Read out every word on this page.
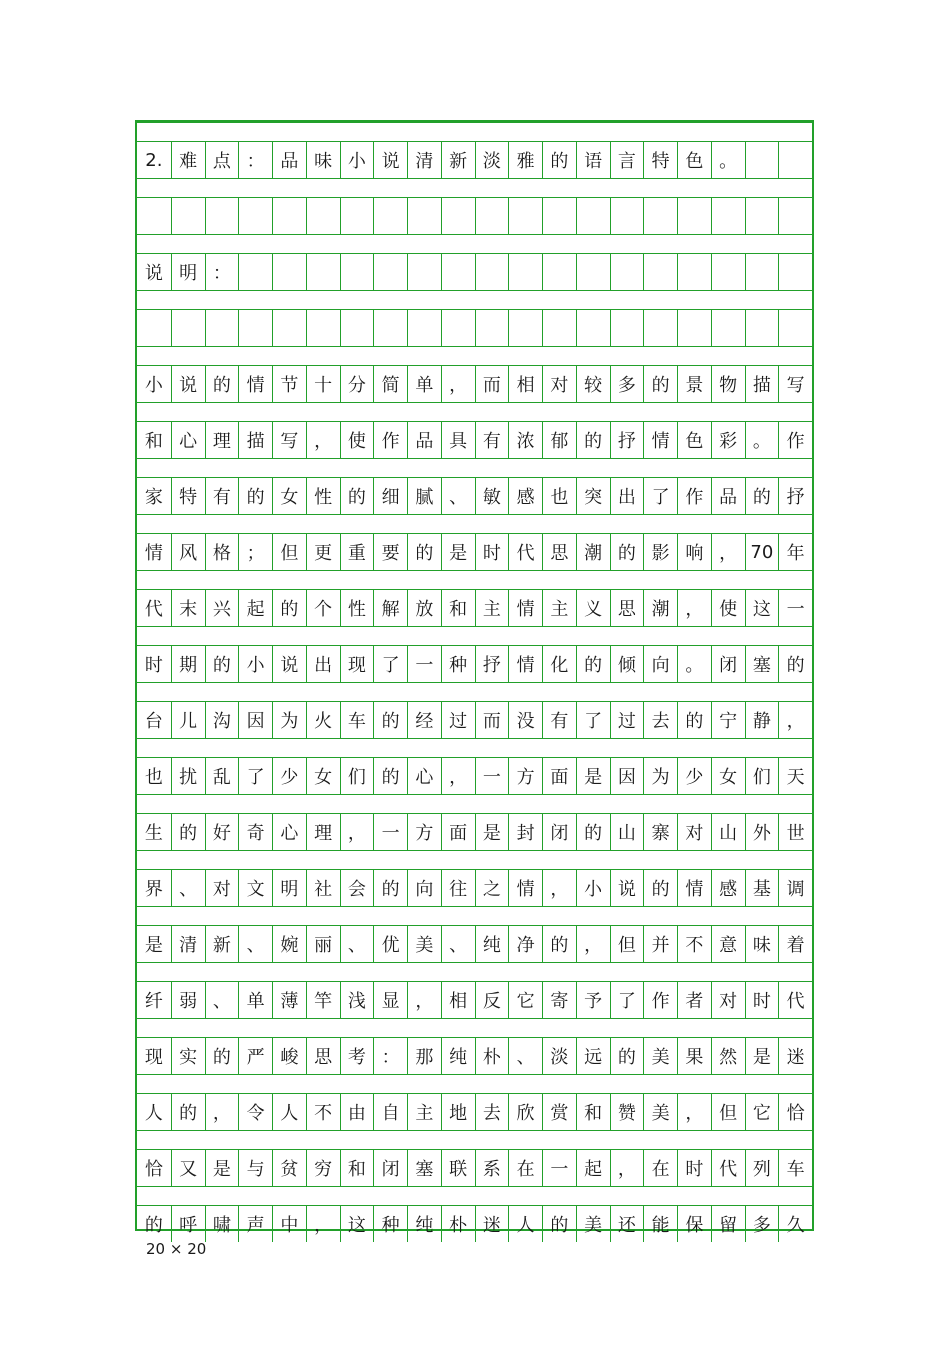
2. 难 点 ： 品 味 小 说 清 新 淡 雅 的 语 言 特 色 。
说 明 ：
小 说 的 情 节 十 分 简 单 ， 而 相 对 较 多 的 景 物 描 写
和 心 理 描 写 ， 使 作 品 具 有 浓 郁 的 抒 情 色 彩 。 作
家 特 有 的 女 性 的 细 腻 、 敏 感 也 突 出 了 作 品 的 抒
情 风 格 ； 但 更 重 要 的 是 时 代 思 潮 的 影 响 ， 70 年
代 末 兴 起 的 个 性 解 放 和 主 情 主 义 思 潮 ， 使 这 一
时 期 的 小 说 出 现 了 一 种 抒 情 化 的 倾 向 。 闭 塞 的
台 儿 沟 因 为 火 车 的 经 过 而 没 有 了 过 去 的 宁 静 ，
也 扰 乱 了 少 女 们 的 心 ， 一 方 面 是 因 为 少 女 们 天
生 的 好 奇 心 理 ， 一 方 面 是 封 闭 的 山 寨 对 山 外 世
界 、 对 文 明 社 会 的 向 往 之 情 ， 小 说 的 情 感 基 调
是 清 新 、 婉 丽 、 优 美 、 纯 净 的 ， 但 并 不 意 味 着
纤 弱 、 单 薄 竿 浅 显 ， 相 反 它 寄 予 了 作 者 对 时 代
现 实 的 严 峻 思 考 ： 那 纯 朴 、 淡 远 的 美 果 然 是 迷
人 的 ， 令 人 不 由 自 主 地 去 欣 赏 和 赞 美 ， 但 它 恰
恰 又 是 与 贫 穷 和 闭 塞 联 系 在 一 起 ， 在 时 代 列 车
的 呼 啸 声 中 ， 这 种 纯 朴 迷 人 的 美 还 能 保 留 多 久
20 × 20
